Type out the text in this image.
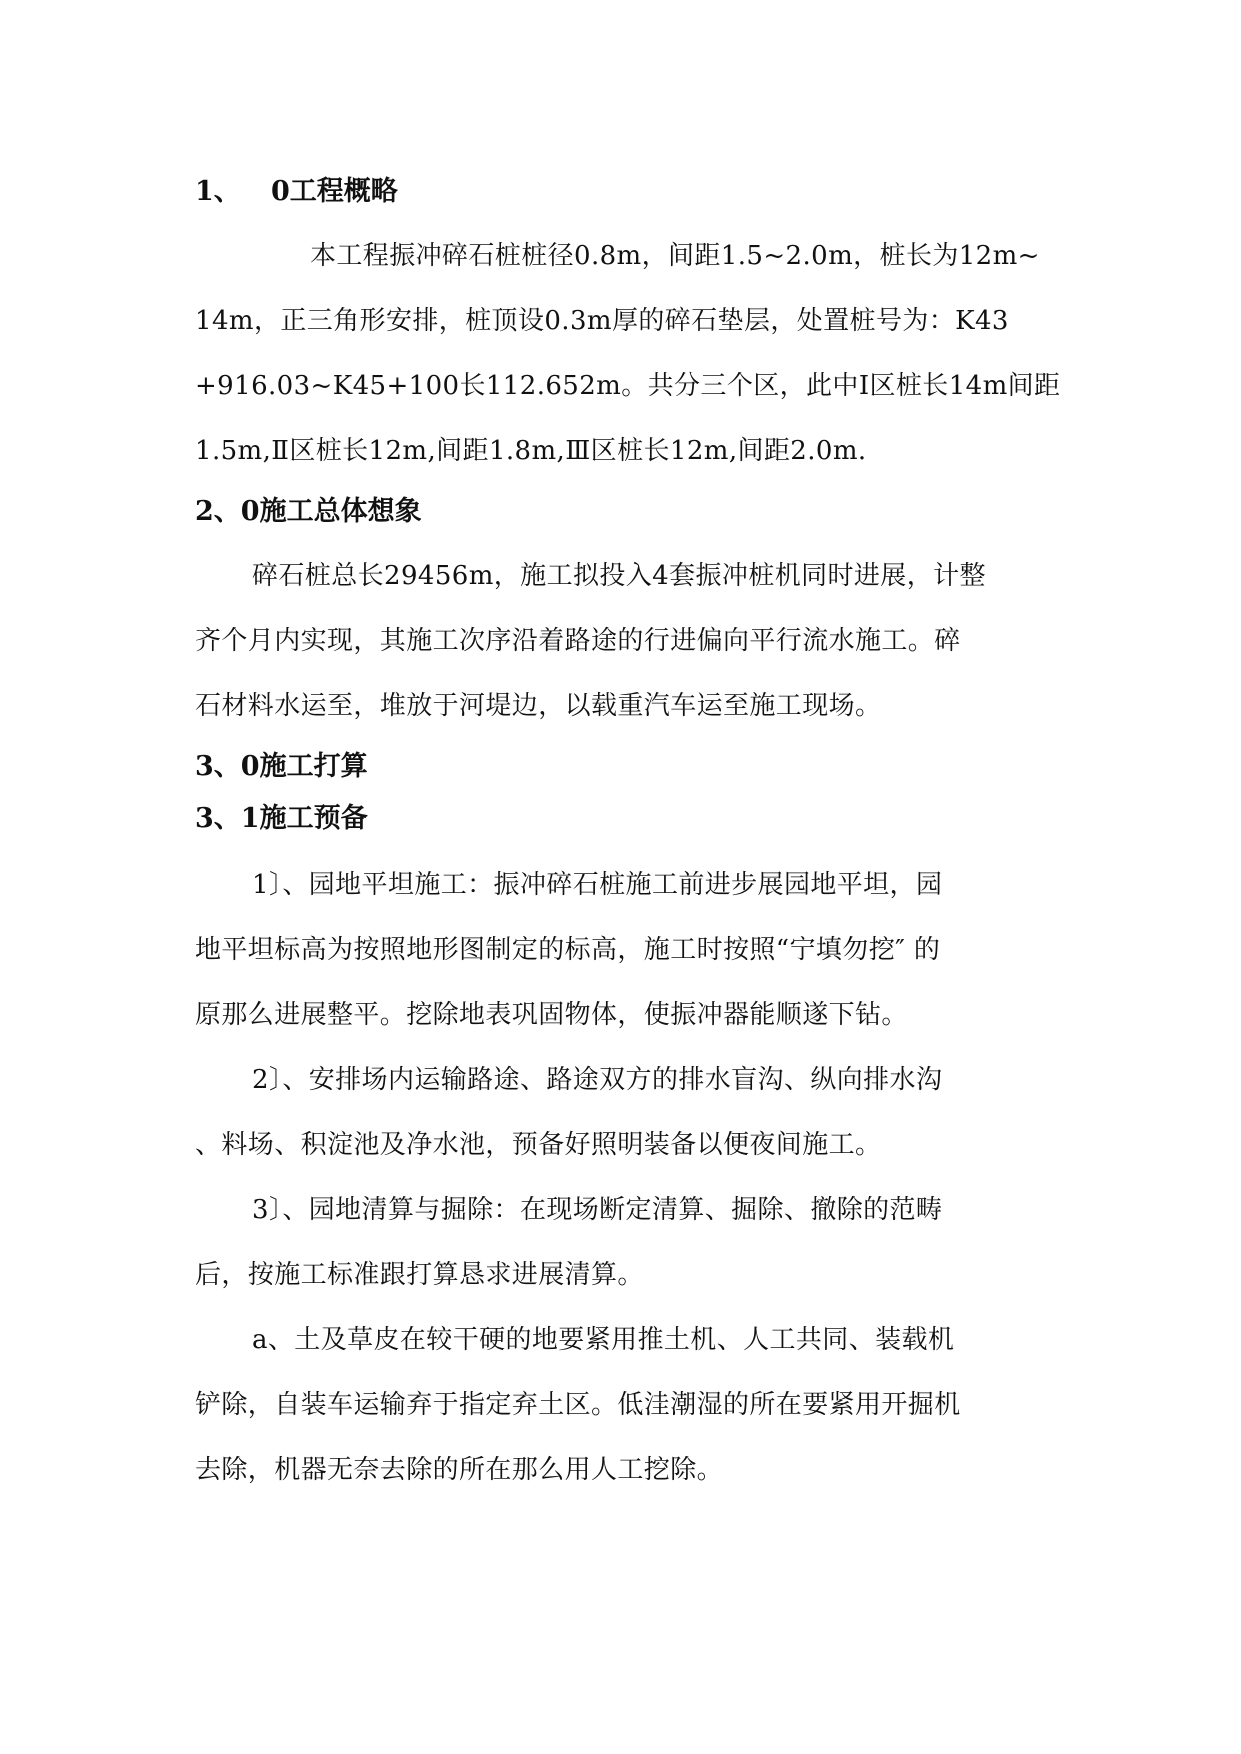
1、 0工程概略
本工程振冲碎石桩桩径0.8m，间距1.5~2.0m，桩长为12m~
14m，正三角形安排，桩顶设0.3m厚的碎石垫层，处置桩号为：K43
+916.03~K45+100长112.652m。共分三个区，此中Ⅰ区桩长14m间距
1.5m,Ⅱ区桩长12m,间距1.8m,Ⅲ区桩长12m,间距2.0m.
2、0施工总体想象
碎石桩总长29456m，施工拟投入4套振冲桩机同时进展，计整
齐个月内实现，其施工次序沿着路途的行进偏向平行流水施工。碎
石材料水运至，堆放于河堤边，以载重汽车运至施工现场。
3、0施工打算
3、1施工预备
1〕、园地平坦施工：振冲碎石桩施工前进步展园地平坦，园
地平坦标高为按照地形图制定的标高，施工时按照“宁填勿挖″ 的
原那么进展整平。挖除地表巩固物体，使振冲器能顺遂下钻。
2〕、安排场内运输路途、路途双方的排水盲沟、纵向排水沟
、料场、积淀池及净水池，预备好照明装备以便夜间施工。
3〕、园地清算与掘除：在现场断定清算、掘除、撤除的范畴
后，按施工标准跟打算恳求进展清算。
a、土及草皮在较干硬的地要紧用推土机、人工共同、装载机
铲除，自装车运输弃于指定弃土区。低洼潮湿的所在要紧用开掘机
去除，机器无奈去除的所在那么用人工挖除。
